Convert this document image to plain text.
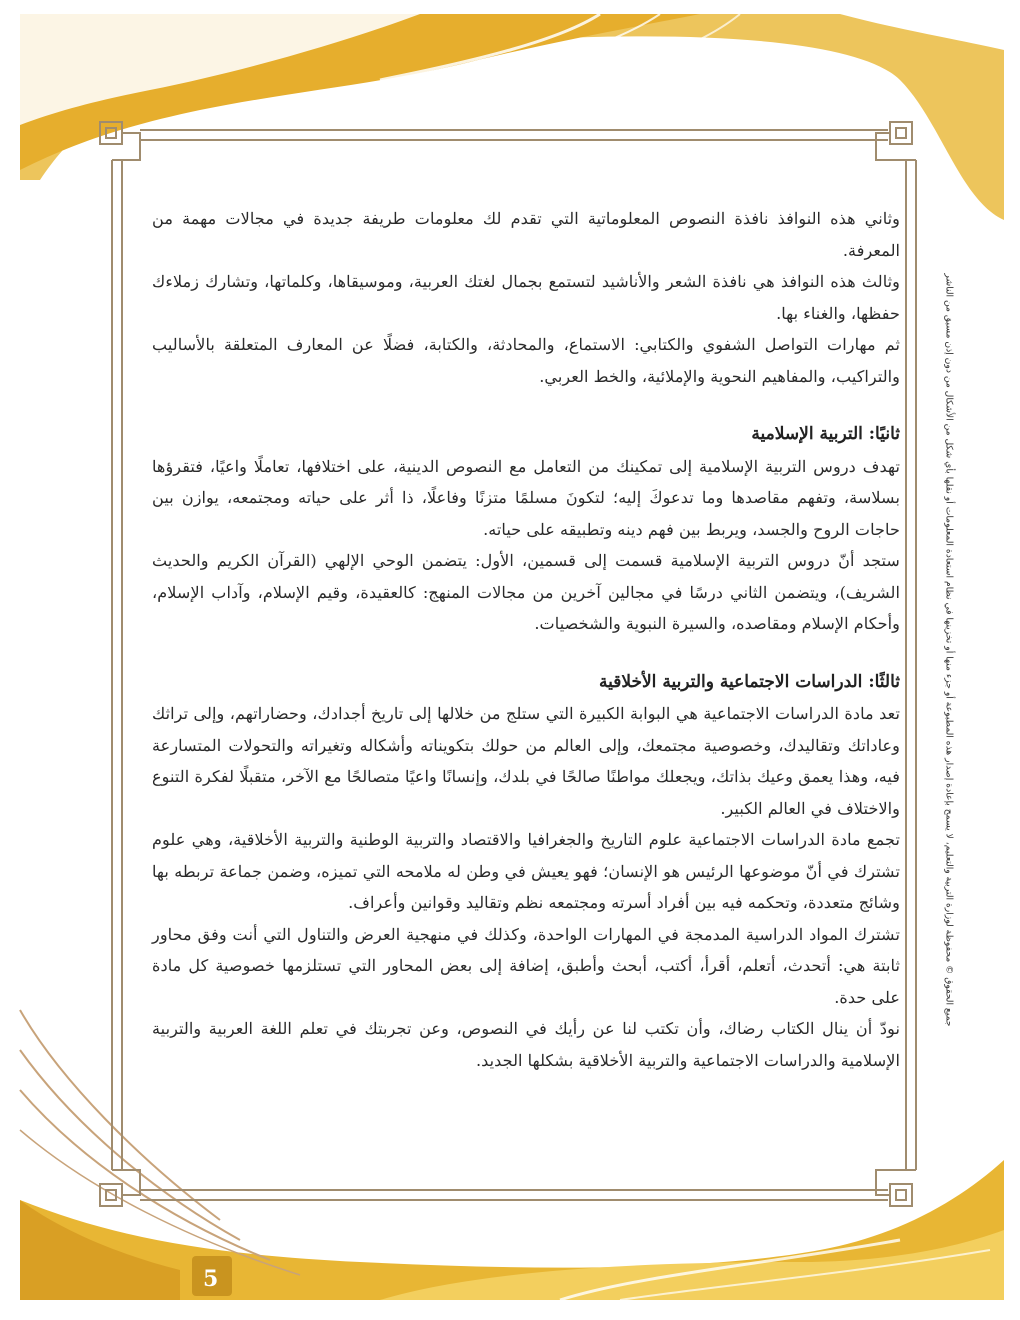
جميع الحقوق © محفوظة لوزارة التربية والتعليم، لا يسمح بإعادة إصدار هذه المطبوعة أو جزء منها أو تخزينها في نظام استعادة المعلومات أو نقلها بأي شكل من الأشكال من دون إذن مسبق من الناشر

وثاني هذه النوافذ نافذة النصوص المعلوماتية التي تقدم لك معلومات طريفة جديدة في مجالات مهمة من المعرفة.

وثالث هذه النوافذ هي نافذة الشعر والأناشيد لتستمع بجمال لغتك العربية، وموسيقاها، وكلماتها، وتشارك زملاءك حفظها، والغناء بها.

ثم مهارات التواصل الشفوي والكتابي: الاستماع، والمحادثة، والكتابة، فضلًا عن المعارف المتعلقة بالأساليب والتراكيب، والمفاهيم النحوية والإملائية، والخط العربي.

ثانيًا: التربية الإسلامية

تهدف دروس التربية الإسلامية إلى تمكينك من التعامل مع النصوص الدينية، على اختلافها، تعاملًا واعيًا، فتقرؤها بسلاسة، وتفهم مقاصدها وما تدعوكَ إليه؛ لتكونَ مسلمًا متزنًا وفاعلًا، ذا أثر على حياته ومجتمعه، يوازن بين حاجات الروح والجسد، ويربط بين فهم دينه وتطبيقه على حياته.

ستجد أنّ دروس التربية الإسلامية قسمت إلى قسمين، الأول: يتضمن الوحي الإلهي (القرآن الكريم والحديث الشريف)، ويتضمن الثاني درسًا في مجالين آخرين من مجالات المنهج: كالعقيدة، وقيم الإسلام، وآداب الإسلام، وأحكام الإسلام ومقاصده، والسيرة النبوية والشخصيات.

ثالثًا: الدراسات الاجتماعية والتربية الأخلاقية

تعد مادة الدراسات الاجتماعية هي البوابة الكبيرة التي ستلج من خلالها إلى تاريخ أجدادك، وحضاراتهم، وإلى تراثك وعاداتك وتقاليدك، وخصوصية مجتمعك، وإلى العالم من حولك بتكويناته وأشكاله وتغيراته والتحولات المتسارعة فيه، وهذا يعمق وعيك بذاتك، ويجعلك مواطنًا صالحًا في بلدك، وإنسانًا واعيًا متصالحًا مع الآخر، متقبلًا لفكرة التنوع والاختلاف في العالم الكبير.

تجمع مادة الدراسات الاجتماعية علوم التاريخ والجغرافيا والاقتصاد والتربية الوطنية والتربية الأخلاقية، وهي علوم تشترك في أنّ موضوعها الرئيس هو الإنسان؛ فهو يعيش في وطن له ملامحه التي تميزه، وضمن جماعة تربطه بها وشائج متعددة، وتحكمه فيه بين أفراد أسرته ومجتمعه نظم وتقاليد وقوانين وأعراف.

تشترك المواد الدراسية المدمجة في المهارات الواحدة، وكذلك في منهجية العرض والتناول التي أنت وفق محاور ثابتة هي: أتحدث، أتعلم، أقرأ، أكتب، أبحث وأطبق، إضافة إلى بعض المحاور التي تستلزمها خصوصية كل مادة على حدة.

نودّ أن ينال الكتاب رضاك، وأن تكتب لنا عن رأيك في النصوص، وعن تجربتك في تعلم اللغة العربية والتربية الإسلامية والدراسات الاجتماعية والتربية الأخلاقية بشكلها الجديد.

5
